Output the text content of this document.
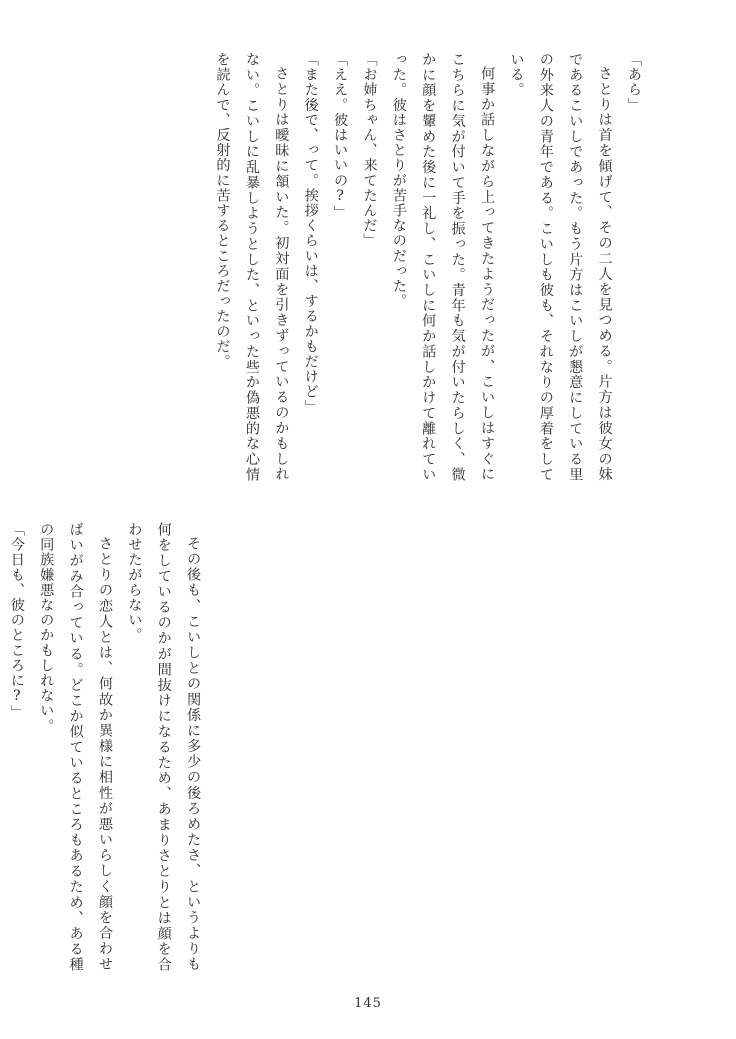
「あら」

さとりは首を傾げて、その二人を見つめる。片方は彼女の妹であるこいしであった。もう片方はこいしが懇意にしている里の外来人の青年である。こいしも彼も、それなりの厚着をしている。

何事か話しながら上ってきたようだったが、こいしはすぐにこちらに気が付いて手を振った。青年も気が付いたらしく、微かに顔を顰めた後に一礼し、こいしに何か話しかけて離れていった。彼はさとりが苦手なのだった。

「お姉ちゃん、来てたんだ」

「ええ。彼はいいの?」

「また後で、って。挨拶くらいは、するかもだけど」

さとりは曖昧に頷いた。初対面を引きずっているのかもしれない。こいしに乱暴しようとした、といった些か偽悪的な心情を読んで、反射的に苦するところだったのだ。

その後も、こいしとの関係に多少の後ろめたさ、というよりも何をしているのかが間抜けになるため、あまりさとりとは顔を合わせたがらない。

さとりの恋人とは、何故か異様に相性が悪いらしく顔を合わせばいがみ合っている。どこか似ているところもあるため、ある種の同族嫌悪なのかもしれない。

「今日も、彼のところに?」

145
